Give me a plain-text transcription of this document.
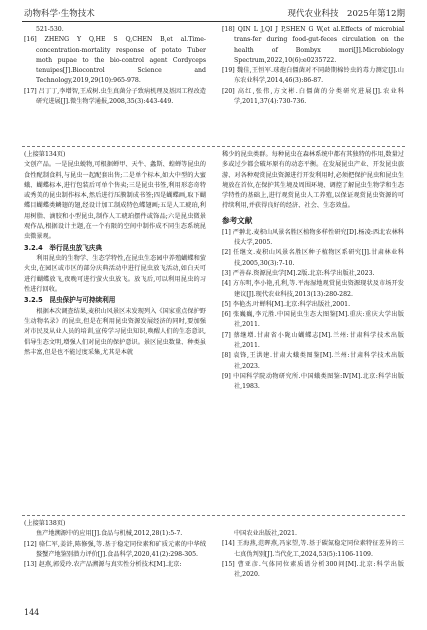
动物科学·生物技术	现代农业科技　2025年第12期

521-530.

[16] ZHENG Y Q,HE S Q,CHEN B,et al.Time-concentration-mortality response of potato Tuber moth pupae to the bio-control agent Cordyceps tenuipes[J].Biocontrol Science and Technology,2019,29(10):965-978.

[17] 吕丁丁,李增智,王成树.虫生真菌分子致病机理及基因工程改造研究进展[J].微生物学通报,2008,35(3):443-449.

[18] QIN L J,QI J P,SHEN G W,et al.Effects of microbial trans-fer during food-gut-feces circulation on the health of Bombyx mori[J].Microbiology Spectrum,2022,10(6):e0235722.

[19] 魏佳,王恒军.球孢白僵菌对不同龄期棉铃虫的毒力测定[J].山东农业科学,2014,46(3):86-87.

[20] 高红,张伟,方文彬.白僵菌的分类研究进展[J].农业科学,2011,37(4):730-736.

(上接第134页)

文创产品。一是昆虫蜕物,可根据蝉甲、天牛、螽斯、蝗蝉等昆虫的食性配制食料,与昆虫一起配套出售;二是单个标本,如大中型的大蜜蛾、蝴蝶标本,进行包装后可单个售卖;三是昆虫书签,利用形态奇特或秀美的昆虫制作标本,然后进行压膜制成书签;四是蝴蝶画,取下蝴蝶目蝴蝶类鳞翅的翅,经设计加工制成特色蝶翅画;五是人工琥珀,利用树脂、滴胶和小型昆虫,制作人工琥珀摆件或饰品;六是昆虫微景观作品,根据设计主题,在一个有限的空间中制作成不同生态系统昆虫微景观。

3.2.4　举行昆虫放飞庆典

利用昆虫的生物学、生态学特性,在昆虫生态园中养殖蝴蝶和萤火虫,在园区或市区的部分庆典活动中进行昆虫放飞活动,如白天可进行蝴蝶放飞,夜晚可进行萤火虫放飞。放飞后,可以利用昆虫的习性进行回收。

3.2.5　昆虫保护与可持续利用

根据本次调查结果,麦积山风景区未发现列入《国家重点保护野生动物名录》的昆虫,但是在利用昆虫资源发展经济的同时,要加强对市民及从业人员的培训,宣传学习昆虫知识,唤醒人们的生态意识,倡导生态文明,增强人们对昆虫的保护意识。景区昆虫数量、种类虽然丰富,但是也不能过度采集,尤其是本就

稀少的昆虫类群。每种昆虫在森林系统中都有其独特的作用,数量过多或过少都会破坏原有的动态平衡。在发展昆虫产业、开发昆虫旅游、对各种观赏昆虫资源进行开发利用时,必须把保护昆虫和昆虫生境放在首位,在保护其生境及周围环境、调控了解昆虫生物学和生态学特性的基础上,进行观赏昆虫人工养殖,以保证观赏昆虫资源的可持续利用,并获得良好的经济、社会、生态效益。

参考文献

[1] 严翀北.麦积山风景名胜区植物多样性研究[D].杨凌:西北农林科技大学,2005.

[2] 任继文.麦积山风景名胜区种子植物区系研究[J].甘肃林业科技,2005,30(3):7-10.

[3] 严善春.资源昆虫学[M].2版.北京:科学出版社,2023.

[4] 方东明,李小艳,孔利,等.平海湿地观赏昆虫资源现状及市场开发建议[J].现代农业科技,2013(13):280-282.

[5] 李艳杰.叶蝉科[M].北京:科学出版社,2001.

[6] 张巍巍,李元胜.中国昆虫生态大图鉴[M].重庆:重庆大学出版社,2011.

[7] 蔡继增.甘肃省小陇山蝴蝶志[M].兰州:甘肃科学技术出版社,2011.

[8] 袁锋,王洪建.甘肃大蛾类图鉴[M].兰州:甘肃科学技术出版社,2023.

[9] 中国科学院动物研究所.中国蛾类图鉴:Ⅳ[M].北京:科学出版社,1983.

(上接第138页)

鱼产地溯源中的应用[J].食品与机械,2012,28(1):5-7.

[12] 骆仁军,姜浒,陈修强,等.基于稳定同位素和矿质元素的中华绒螯蟹产地鉴别潜力评价[J].食品科学,2020,41(2):298-305.

[13] 赵燕,郭爱玲.农产品溯源与真实性分析技术[M].北京:

中国农业出版社,2021.

[14] 王海燕,范晖燕,冯家望,等.基于碳氮稳定同位素特征差异的三七真伪判别[J].当代化工,2024,53(5):1106-1109.

[15] 曹亚彦.气体同位素质谱分析300问[M].北京:科学出版社,2020.

144
